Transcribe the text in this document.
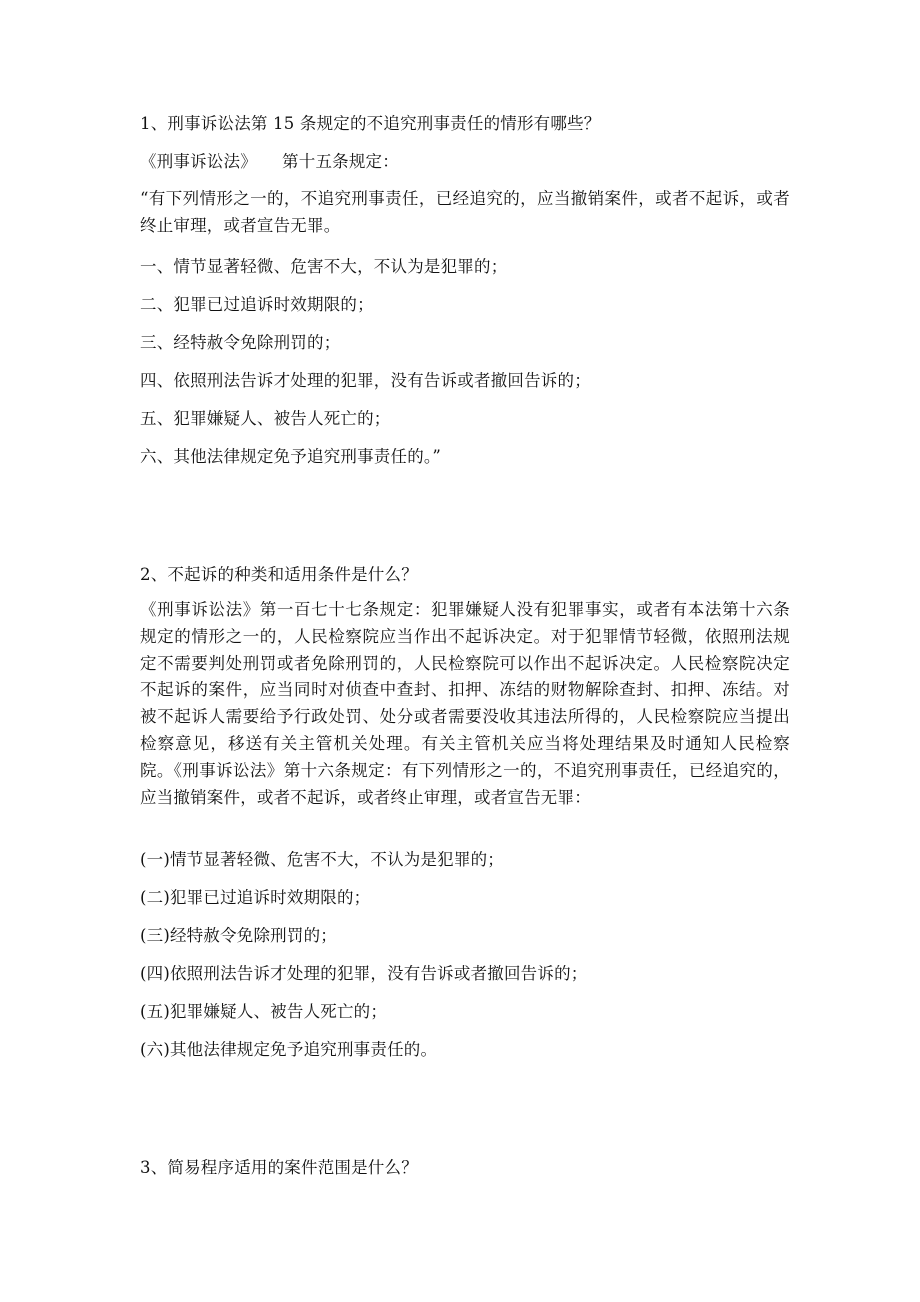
1、刑事诉讼法第 15 条规定的不追究刑事责任的情形有哪些？
《刑事诉讼法》　　第十五条规定：
“有下列情形之一的，不追究刑事责任，已经追究的，应当撤销案件，或者不起诉，或者终止审理，或者宣告无罪。
一、情节显著轻微、危害不大，不认为是犯罪的；
二、犯罪已过追诉时效期限的；
三、经特赦令免除刑罚的；
四、依照刑法告诉才处理的犯罪，没有告诉或者撤回告诉的；
五、犯罪嫌疑人、被告人死亡的；
六、其他法律规定免予追究刑事责任的。”
2、不起诉的种类和适用条件是什么？
《刑事诉讼法》第一百七十七条规定：犯罪嫌疑人没有犯罪事实，或者有本法第十六条规定的情形之一的，人民检察院应当作出不起诉决定。对于犯罪情节轻微，依照刑法规定不需要判处刑罚或者免除刑罚的，人民检察院可以作出不起诉决定。人民检察院决定不起诉的案件，应当同时对侦查中查封、扣押、冻结的财物解除查封、扣押、冻结。对被不起诉人需要给予行政处罚、处分或者需要没收其违法所得的，人民检察院应当提出检察意见，移送有关主管机关处理。有关主管机关应当将处理结果及时通知人民检察院。《刑事诉讼法》第十六条规定：有下列情形之一的，不追究刑事责任，已经追究的，应当撤销案件，或者不起诉，或者终止审理，或者宣告无罪：
(一)情节显著轻微、危害不大，不认为是犯罪的；
(二)犯罪已过追诉时效期限的；
(三)经特赦令免除刑罚的；
(四)依照刑法告诉才处理的犯罪，没有告诉或者撤回告诉的；
(五)犯罪嫌疑人、被告人死亡的；
(六)其他法律规定免予追究刑事责任的。
3、简易程序适用的案件范围是什么？
